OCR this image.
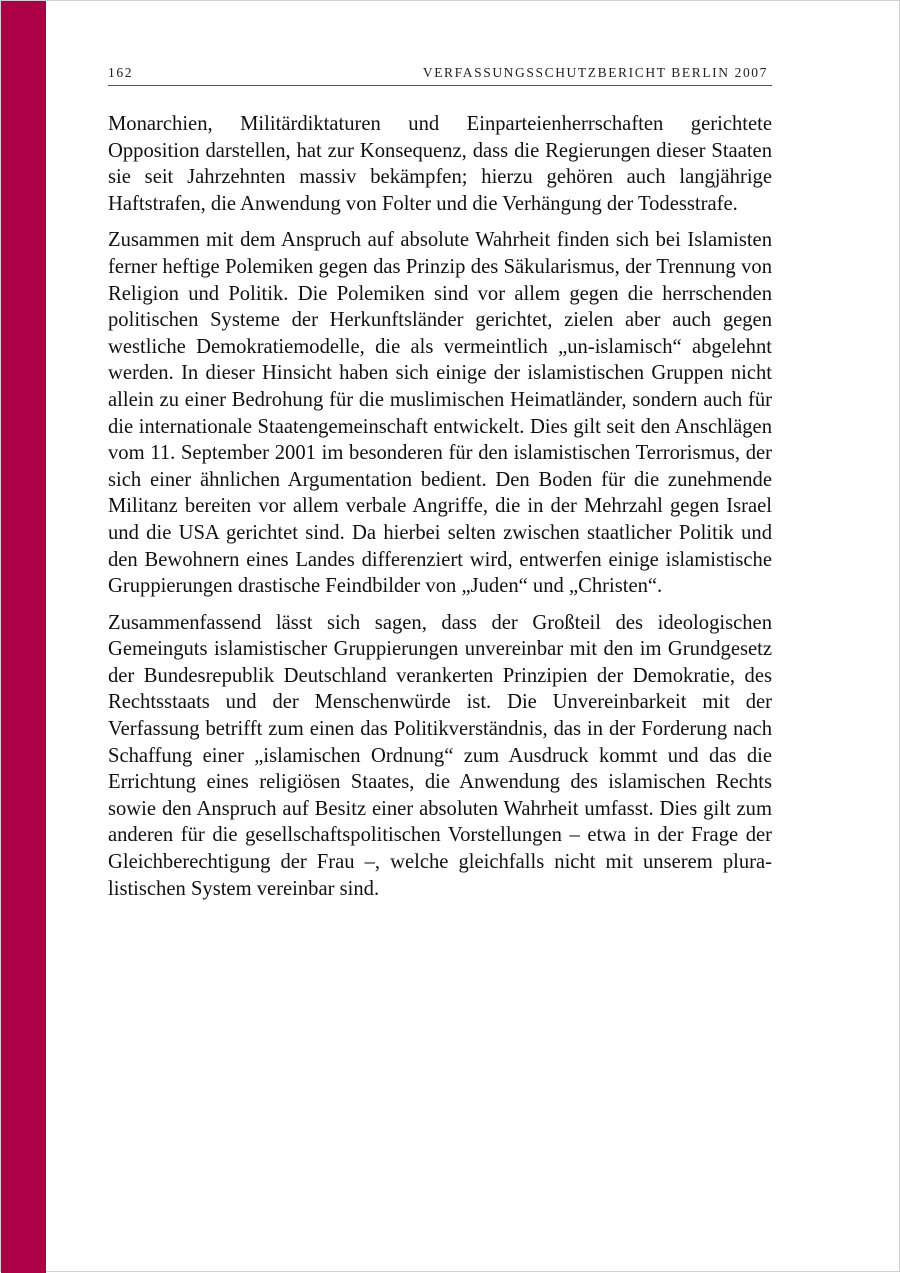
162	VERFASSUNGSSCHUTZBERICHT BERLIN 2007

Monarchien, Militärdiktaturen und Einparteienherrschaften gerichtete Opposition darstellen, hat zur Konsequenz, dass die Regierungen dieser Staaten sie seit Jahrzehnten massiv bekämpfen; hierzu gehören auch langjährige Haftstrafen, die Anwendung von Folter und die Verhängung der Todesstrafe.

Zusammen mit dem Anspruch auf absolute Wahrheit finden sich bei Islamisten ferner heftige Polemiken gegen das Prinzip des Säkularismus, der Trennung von Religion und Politik. Die Polemiken sind vor allem gegen die herrschenden politischen Systeme der Herkunftsländer gerichtet, zielen aber auch gegen westliche Demokratiemodelle, die als vermeintlich „un-islamisch“ abgelehnt werden. In dieser Hinsicht haben sich einige der islamistischen Gruppen nicht allein zu einer Bedrohung für die muslimischen Heimatländer, sondern auch für die internationale Staatengemeinschaft entwickelt. Dies gilt seit den Anschlägen vom 11. September 2001 im besonderen für den islamistischen Terrorismus, der sich einer ähnlichen Argumentation bedient. Den Boden für die zunehmende Militanz bereiten vor allem verbale Angriffe, die in der Mehrzahl gegen Israel und die USA gerichtet sind. Da hierbei selten zwischen staatlicher Politik und den Bewohnern eines Landes differenziert wird, entwerfen einige islamistische Gruppierungen drastische Feindbilder von „Juden“ und „Christen“.

Zusammenfassend lässt sich sagen, dass der Großteil des ideologischen Gemeinguts islamistischer Gruppierungen unvereinbar mit den im Grundgesetz der Bundesrepublik Deutschland verankerten Prinzipien der Demokratie, des Rechtsstaats und der Menschenwürde ist. Die Unvereinbarkeit mit der Verfassung betrifft zum einen das Politikverständnis, das in der Forderung nach Schaffung einer „islamischen Ordnung“ zum Ausdruck kommt und das die Errichtung eines religiösen Staates, die Anwendung des islamischen Rechts sowie den Anspruch auf Besitz einer absoluten Wahrheit umfasst. Dies gilt zum anderen für die gesellschaftspolitischen Vorstellungen – etwa in der Frage der Gleichberechtigung der Frau –, welche gleichfalls nicht mit unserem pluralistischen System vereinbar sind.
